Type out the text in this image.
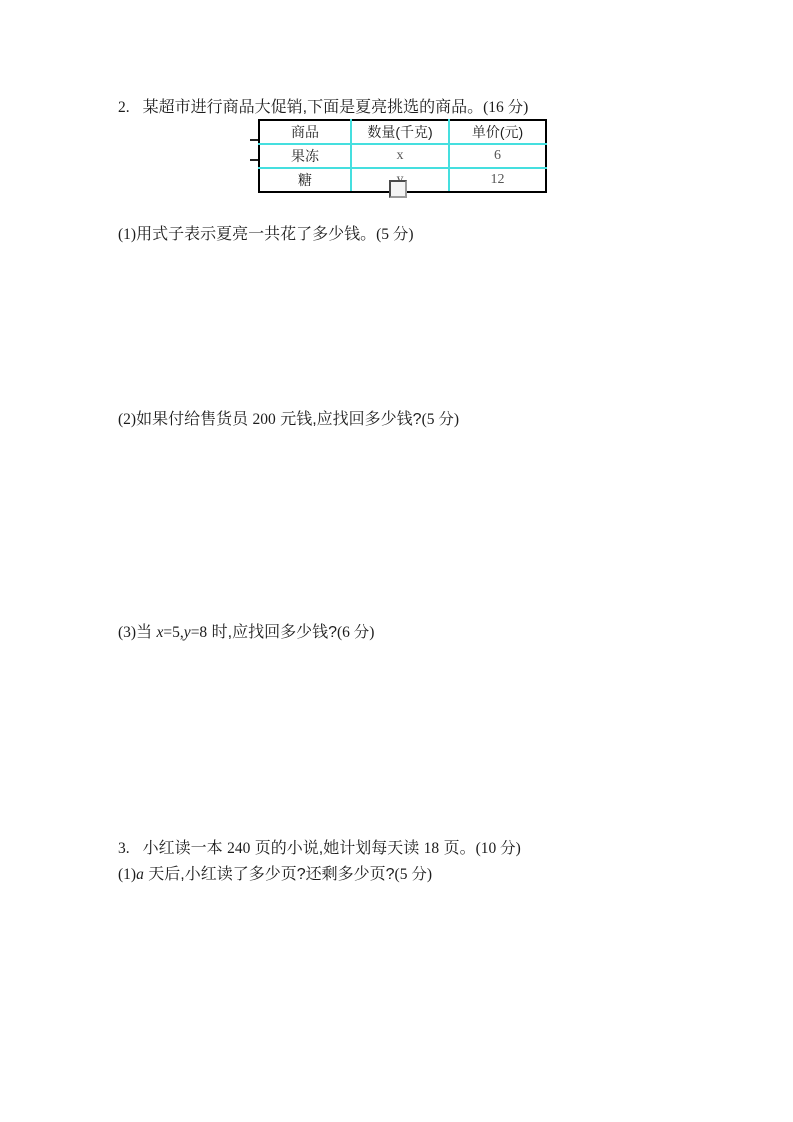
2. 某超市进行商品大促销,下面是夏亮挑选的商品。(16 分)
商品	数量(千克)	单价(元)
果冻	x	6
糖		12
(1)用式子表示夏亮一共花了多少钱。(5 分)
(2)如果付给售货员 200 元钱,应找回多少钱?(5 分)
(3)当 x=5,y=8 时,应找回多少钱?(6 分)
3. 小红读一本 240 页的小说,她计划每天读 18 页。(10 分)
(1)a 天后,小红读了多少页?还剩多少页?(5 分)
